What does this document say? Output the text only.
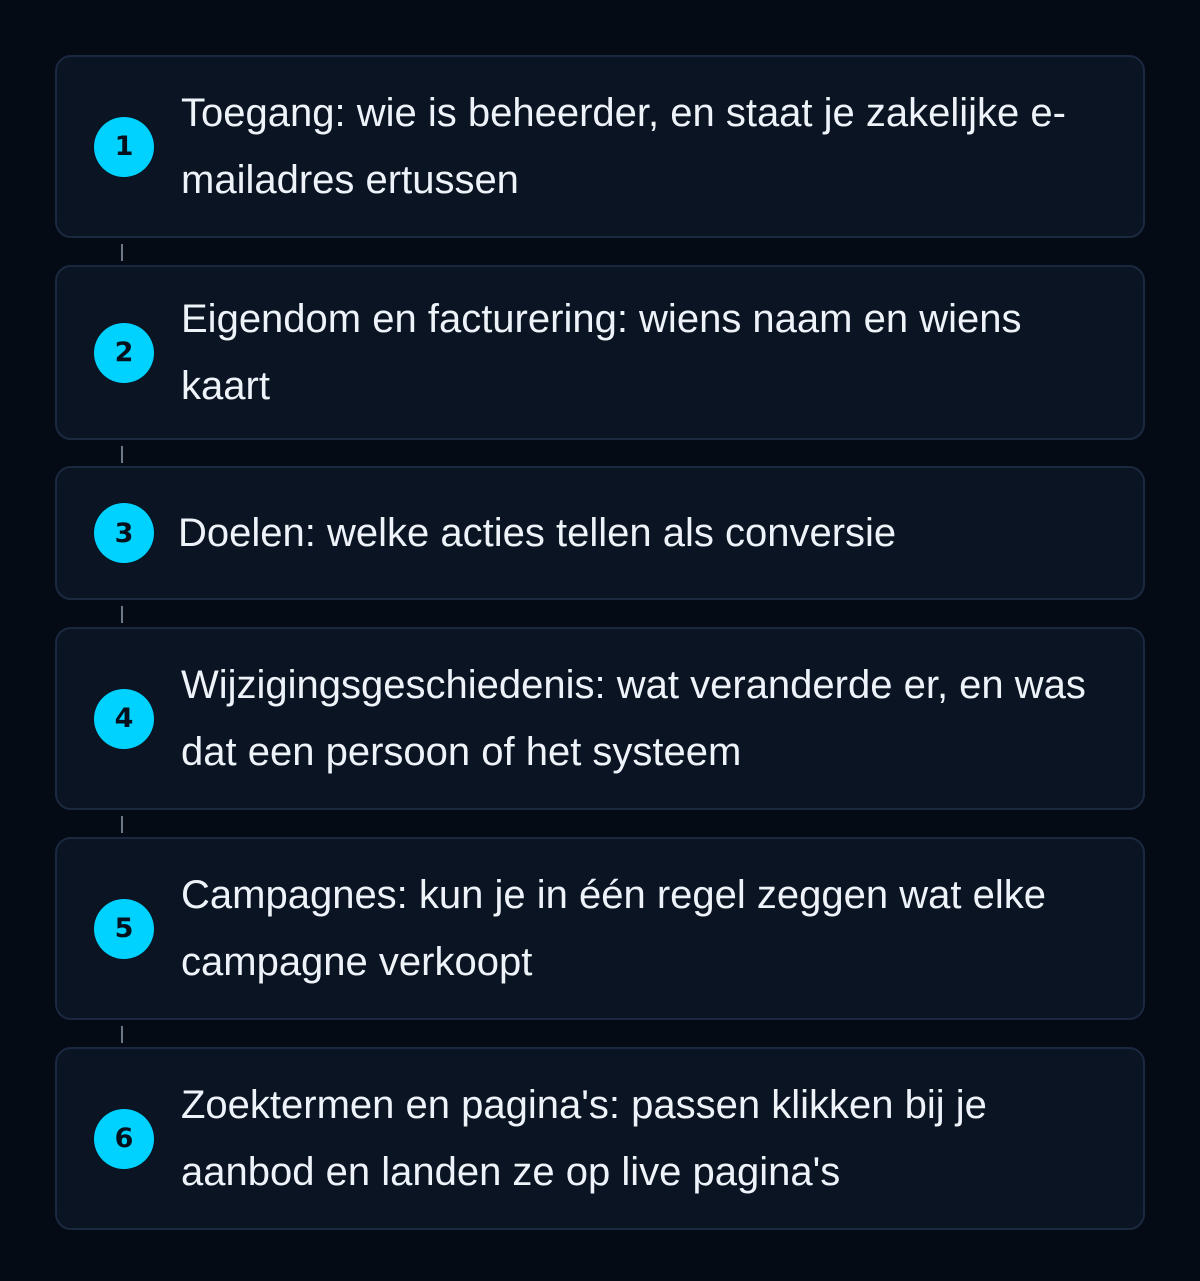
1
Toegang: wie is beheerder, en staat je zakelijke e-mailadres ertussen
2
Eigendom en facturering: wiens naam en wiens kaart
3	Doelen: welke acties tellen als conversie
4
Wijzigingsgeschiedenis: wat veranderde er, en was dat een persoon of het systeem
5
Campagnes: kun je in één regel zeggen wat elke campagne verkoopt
6
Zoektermen en pagina's: passen klikken bij je aanbod en landen ze op live pagina's
